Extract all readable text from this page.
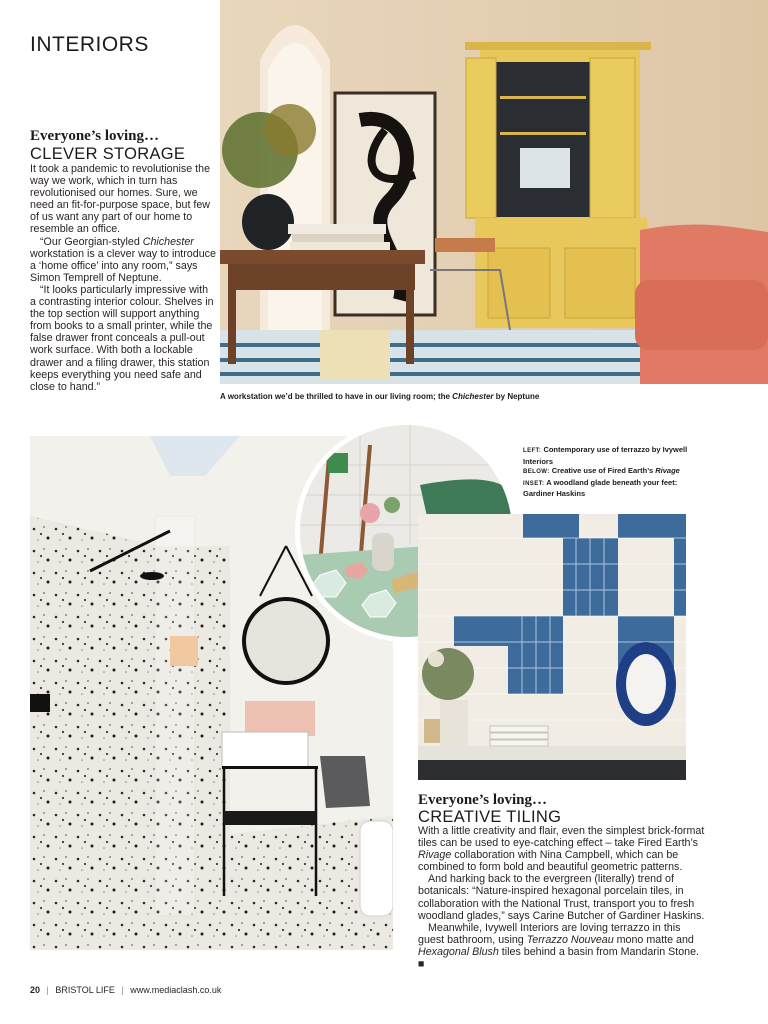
INTERIORS
Everyone’s loving…
CLEVER STORAGE

It took a pandemic to revolutionise the way we work, which in turn has revolutionised our homes. Sure, we need an fit-for-purpose space, but few of us want any part of our home to resemble an office.

“Our Georgian-styled Chichester workstation is a clever way to introduce a ‘home office’ into any room,” says Simon Temprell of Neptune.

“It looks particularly impressive with a contrasting interior colour. Shelves in the top section will support anything from books to a small printer, while the false drawer front conceals a pull-out work surface. With both a lockable drawer and a filing drawer, this station keeps everything you need safe and close to hand.”

A workstation we’d be thrilled to have in our living room; the Chichester by Neptune
LEFT: Contemporary use of terrazzo by Ivywell Interiors
BELOW: Creative use of Fired Earth’s Rivage
INSET: A woodland glade beneath your feet: Gardiner Haskins
Everyone’s loving…
CREATIVE TILING

With a little creativity and flair, even the simplest brick-format tiles can be used to eye-catching effect – take Fired Earth’s Rivage collaboration with Nina Campbell, which can be combined to form bold and beautiful geometric patterns.

And harking back to the evergreen (literally) trend of botanicals: “Nature-inspired hexagonal porcelain tiles, in collaboration with the National Trust, transport you to fresh woodland glades,” says Carine Butcher of Gardiner Haskins.

Meanwhile, Ivywell Interiors are loving terrazzo in this guest bathroom, using Terrazzo Nouveau mono matte and Hexagonal Blush tiles behind a basin from Mandarin Stone. ■

20 | BRISTOL LIFE | www.mediaclash.co.uk
